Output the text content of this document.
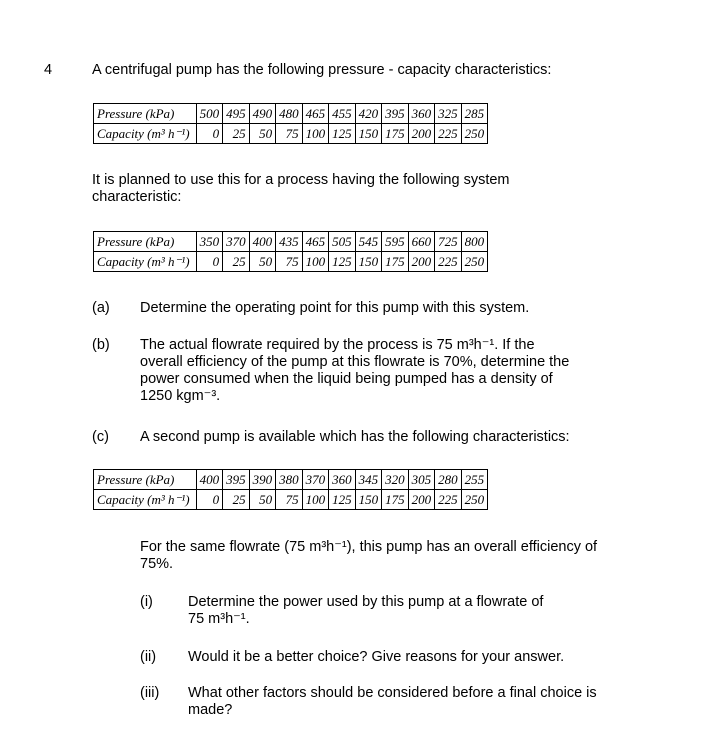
4	A centrifugal pump has the following pressure - capacity characteristics:
Pressure (kPa)	500	495	490	480	465	455	420	395	360	325	285
Capacity (m³ h⁻¹)	0	25	50	75	100	125	150	175	200	225	250
It is planned to use this for a process having the following system characteristic:
Pressure (kPa)	350	370	400	435	465	505	545	595	660	725	800
Capacity (m³ h⁻¹)	0	25	50	75	100	125	150	175	200	225	250
(a) Determine the operating point for this pump with this system.
(b) The actual flowrate required by the process is 75 m³h⁻¹. If the
overall efficiency of the pump at this flowrate is 70%, determine the
power consumed when the liquid being pumped has a density of
1250 kgm⁻³.
(c) A second pump is available which has the following characteristics:
Pressure (kPa)	400	395	390	380	370	360	345	320	305	280	255
Capacity (m³ h⁻¹)	0	25	50	75	100	125	150	175	200	225	250
For the same flowrate (75 m³h⁻¹), this pump has an overall efficiency of
75%.
(i) Determine the power used by this pump at a flowrate of
75 m³h⁻¹.
(ii) Would it be a better choice? Give reasons for your answer.
(iii) What other factors should be considered before a final choice is
made?
